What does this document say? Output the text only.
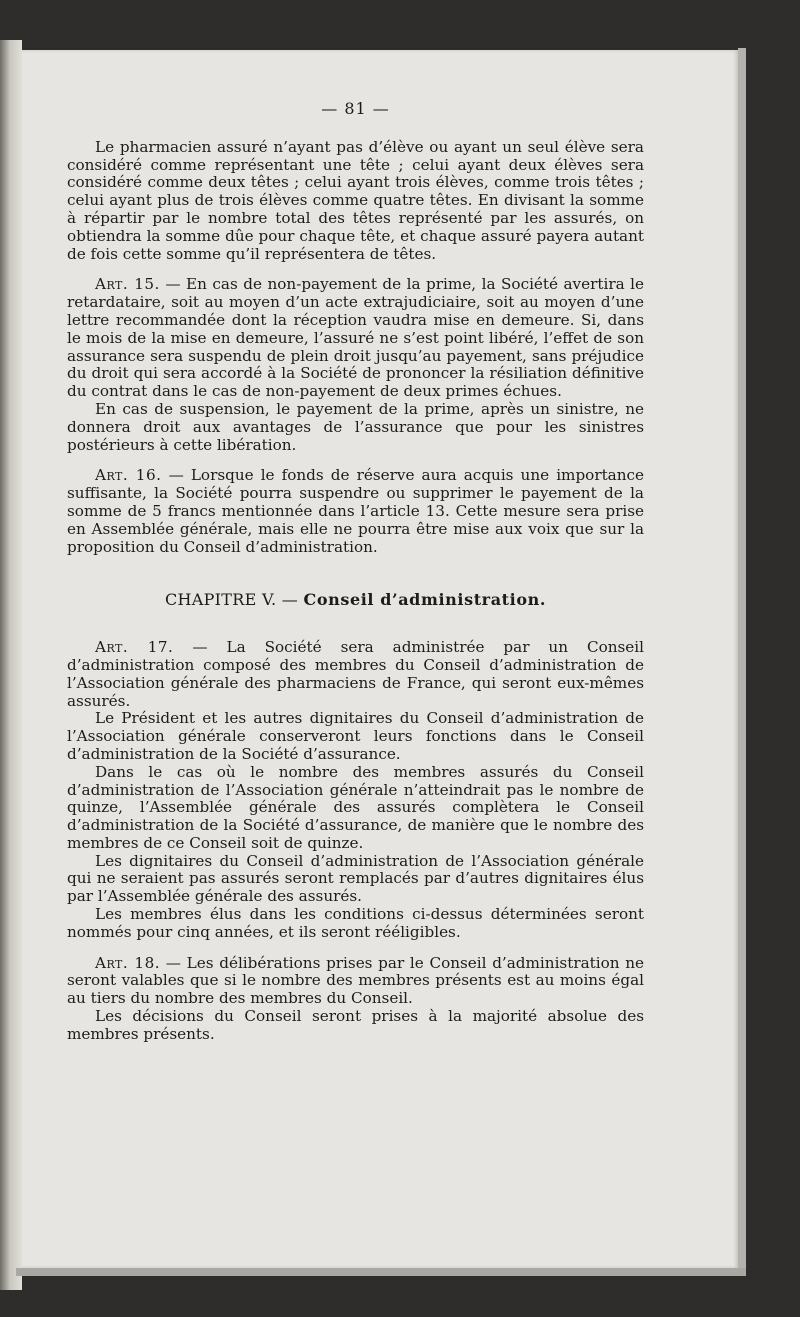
— 81 —

Le pharmacien assuré n’ayant pas d’élève ou ayant un seul élève sera considéré comme représentant une tête ; celui ayant deux élèves sera considéré comme deux têtes ; celui ayant trois élèves, comme trois têtes ; celui ayant plus de trois élèves comme quatre têtes. En divisant la somme à répartir par le nombre total des têtes représenté par les assurés, on obtiendra la somme dûe pour chaque tête, et chaque assuré payera autant de fois cette somme qu’il représentera de têtes.

Art. 15. — En cas de non-payement de la prime, la Société avertira le retardataire, soit au moyen d’un acte extrajudiciaire, soit au moyen d’une lettre recommandée dont la réception vaudra mise en demeure. Si, dans le mois de la mise en demeure, l’assuré ne s’est point libéré, l’effet de son assurance sera suspendu de plein droit jusqu’au payement, sans préjudice du droit qui sera accordé à la Société de prononcer la résiliation définitive du contrat dans le cas de non-payement de deux primes échues.

En cas de suspension, le payement de la prime, après un sinistre, ne donnera droit aux avantages de l’assurance que pour les sinistres postérieurs à cette libération.

Art. 16. — Lorsque le fonds de réserve aura acquis une importance suffisante, la Société pourra suspendre ou supprimer le payement de la somme de 5 francs mentionnée dans l’article 13. Cette mesure sera prise en Assemblée générale, mais elle ne pourra être mise aux voix que sur la proposition du Conseil d’administration.

CHAPITRE V. — Conseil d’administration.

Art. 17. — La Société sera administrée par un Conseil d’administration composé des membres du Conseil d’administration de l’Association générale des pharmaciens de France, qui seront eux-mêmes assurés.

Le Président et les autres dignitaires du Conseil d’administration de l’Association générale conserveront leurs fonctions dans le Conseil d’administration de la Société d’assurance.

Dans le cas où le nombre des membres assurés du Conseil d’administration de l’Association générale n’atteindrait pas le nombre de quinze, l’Assemblée générale des assurés complètera le Conseil d’administration de la Société d’assurance, de manière que le nombre des membres de ce Conseil soit de quinze.

Les dignitaires du Conseil d’administration de l’Association générale qui ne seraient pas assurés seront remplacés par d’autres dignitaires élus par l’Assemblée générale des assurés.

Les membres élus dans les conditions ci-dessus déterminées seront nommés pour cinq années, et ils seront rééligibles.

Art. 18. — Les délibérations prises par le Conseil d’administration ne seront valables que si le nombre des membres présents est au moins égal au tiers du nombre des membres du Conseil.

Les décisions du Conseil seront prises à la majorité absolue des membres présents.
